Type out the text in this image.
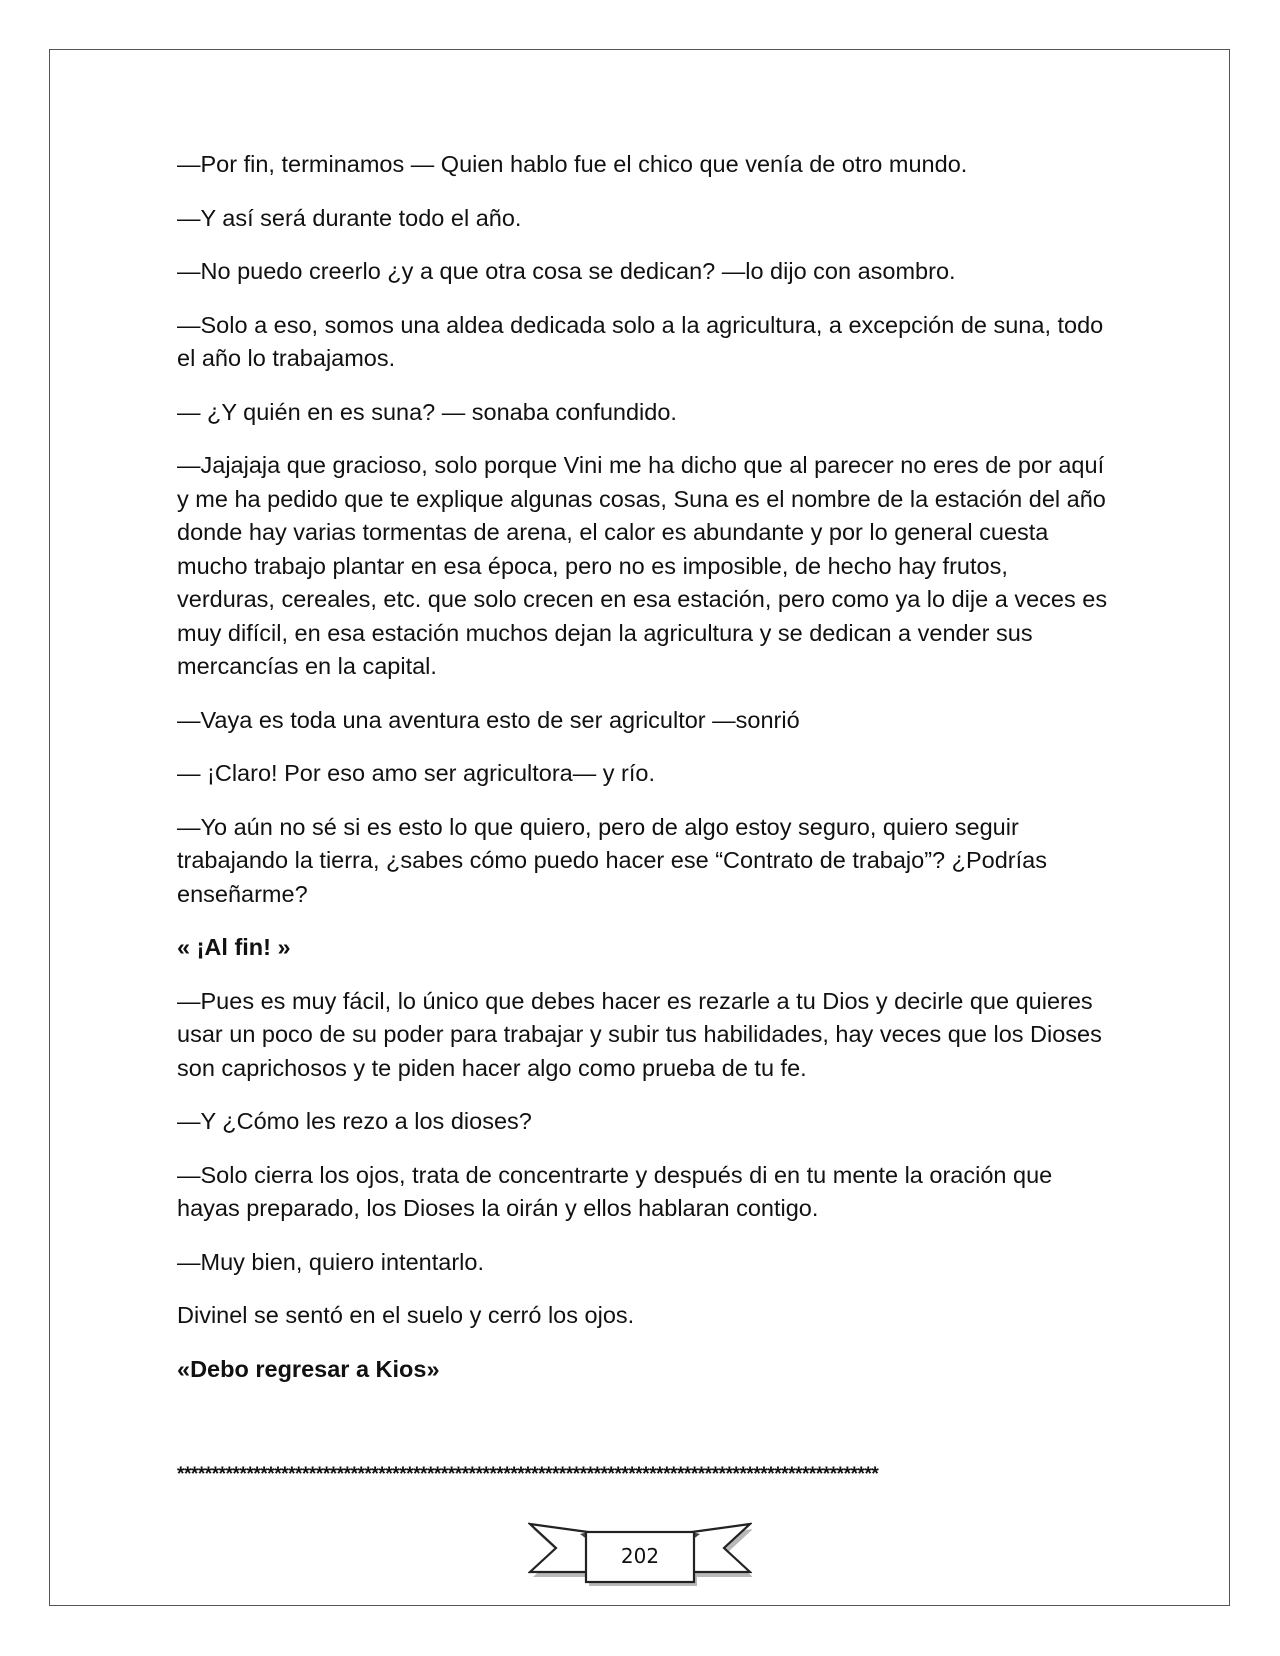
—Por fin, terminamos — Quien hablo fue el chico que venía de otro mundo.

—Y así será durante todo el año.

—No puedo creerlo ¿y a que otra cosa se dedican? —lo dijo con asombro.

—Solo a eso, somos una aldea dedicada solo a la agricultura, a excepción de suna, todo el año lo trabajamos.

— ¿Y quién en es suna? — sonaba confundido.

—Jajajaja que gracioso, solo porque Vini me ha dicho que al parecer no eres de por aquí y me ha pedido que te explique algunas cosas, Suna es el nombre de la estación del año donde hay varias tormentas de arena, el calor es abundante y por lo general cuesta mucho trabajo plantar en esa época, pero no es imposible, de hecho hay frutos, verduras, cereales, etc. que solo crecen en esa estación, pero como ya lo dije a veces es muy difícil, en esa estación muchos dejan la agricultura y se dedican a vender sus mercancías en la capital.

—Vaya es toda una aventura esto de ser agricultor —sonrió

— ¡Claro! Por eso amo ser agricultora— y río.

—Yo aún no sé si es esto lo que quiero, pero de algo estoy seguro, quiero seguir trabajando la tierra, ¿sabes cómo puedo hacer ese “Contrato de trabajo”? ¿Podrías enseñarme?

« ¡Al fin! »

—Pues es muy fácil, lo único que debes hacer es rezarle a tu Dios y decirle que quieres usar un poco de su poder para trabajar y subir tus habilidades, hay veces que los Dioses son caprichosos y te piden hacer algo como prueba de tu fe.

—Y ¿Cómo les rezo a los dioses?

—Solo cierra los ojos, trata de concentrarte y después di en tu mente la oración que hayas preparado, los Dioses la oirán y ellos hablaran contigo.

—Muy bien, quiero intentarlo.

Divinel se sentó en el suelo y cerró los ojos.

«Debo regresar a Kios»

*****************************************************************************************************
202
